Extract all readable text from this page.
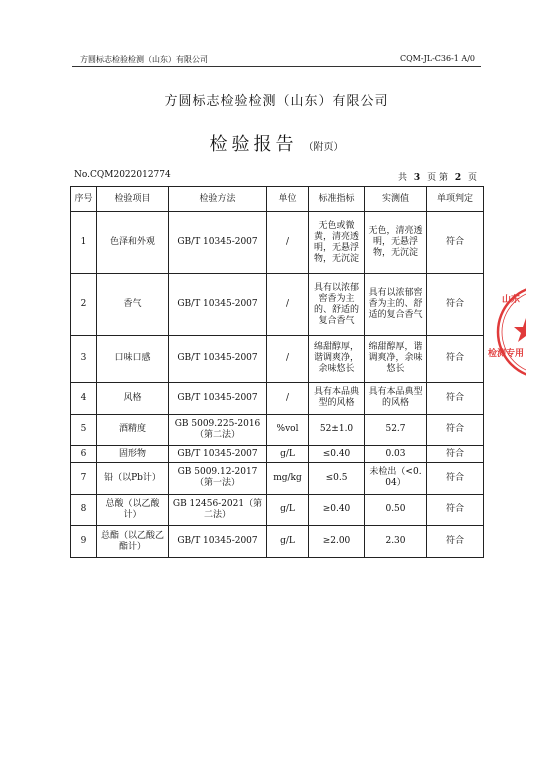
方圆标志检验检测（山东）有限公司	CQM-JL-C36-1 A/0
方圆标志检验检测（山东）有限公司
检验报告 （附页）
No.CQM2022012774	共 3 页 第 2 页
序号	检验项目	检验方法	单位	标准指标	实测值	单项判定
1	色泽和外观	GB/T 10345-2007	/	无色或微黄，清亮透明，无悬浮物，无沉淀	无色，清亮透明，无悬浮物，无沉淀	符合
2	香气	GB/T 10345-2007	/	具有以浓郁窖香为主的、舒适的复合香气	具有以浓郁窖香为主的、舒适的复合香气	符合
3	口味口感	GB/T 10345-2007	/	绵甜醇厚，谐调爽净，余味悠长	绵甜醇厚，谐调爽净，余味悠长	符合
4	风格	GB/T 10345-2007	/	具有本品典型的风格	具有本品典型的风格	符合
5	酒精度	GB 5009.225-2016（第二法）	%vol	52±1.0	52.7	符合
6	固形物	GB/T 10345-2007	g/L	≤0.40	0.03	符合
7	铅（以Pb计）	GB 5009.12-2017（第一法）	mg/kg	≤0.5	未检出（<0.04）	符合
8	总酸（以乙酸计）	GB 12456-2021（第二法）	g/L	≥0.40	0.50	符合
9	总酯（以乙酸乙酯计）	GB/T 10345-2007	g/L	≥2.00	2.30	符合
山东
检测专用
